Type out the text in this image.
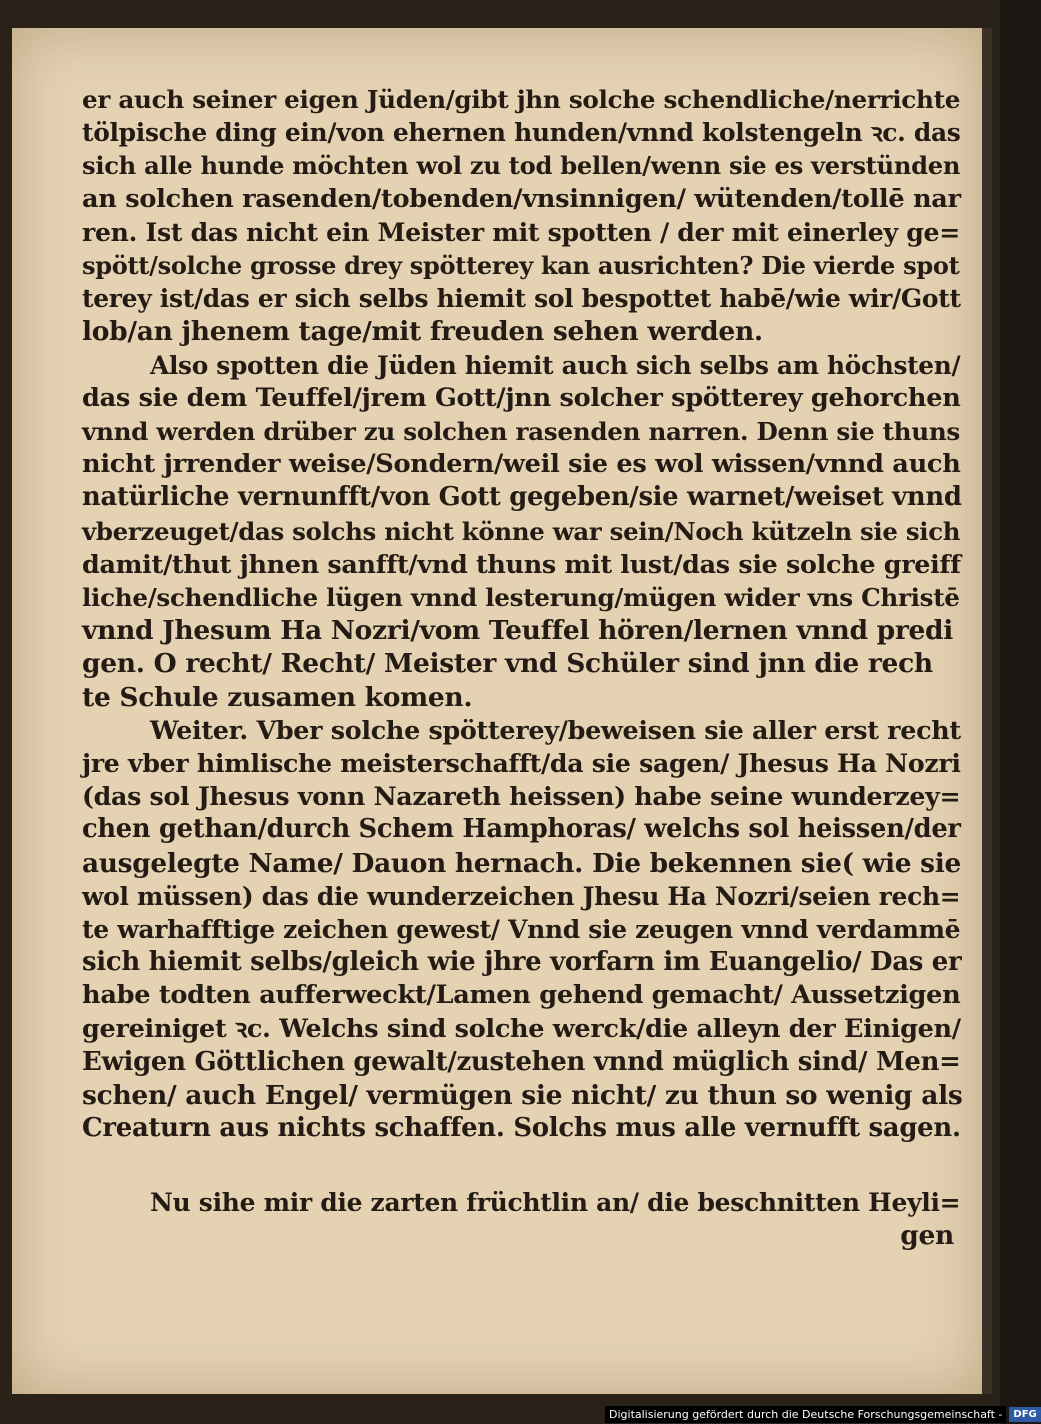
er auch seiner eigen Jüden/gibt jhn solche schendliche/nerrichte
tölpische ding ein/von ehernen hunden/vnnd kolstengeln ꝛc. das
sich alle hunde möchten wol zu tod bellen/wenn sie es verstünden
an solchen rasenden/tobenden/vnsinnigen/ wütenden/tollē nar
ren. Ist das nicht ein Meister mit spotten / der mit einerley ge=
spött/solche grosse drey spötterey kan ausrichten? Die vierde spot
terey ist/das er sich selbs hiemit sol bespottet habē/wie wir/Gott
lob/an jhenem tage/mit freuden sehen werden.
Also spotten die Jüden hiemit auch sich selbs am höchsten/
das sie dem Teuffel/jrem Gott/jnn solcher spötterey gehorchen
vnnd werden drüber zu solchen rasenden narren. Denn sie thuns
nicht jrrender weise/Sondern/weil sie es wol wissen/vnnd auch
natürliche vernunfft/von Gott gegeben/sie warnet/weiset vnnd
vberzeuget/das solchs nicht könne war sein/Noch kützeln sie sich
damit/thut jhnen sanfft/vnd thuns mit lust/das sie solche greiff
liche/schendliche lügen vnnd lesterung/mügen wider vns Christē
vnnd Jhesum Ha Nozri/vom Teuffel hören/lernen vnnd predi
gen. O recht/ Recht/ Meister vnd Schüler sind jnn die rech
te Schule zusamen komen.
Weiter. Vber solche spötterey/beweisen sie aller erst recht
jre vber himlische meisterschafft/da sie sagen/ Jhesus Ha Nozri
(das sol Jhesus vonn Nazareth heissen) habe seine wunderzey=
chen gethan/durch Schem Hamphoras/ welchs sol heissen/der
ausgelegte Name/ Dauon hernach. Die bekennen sie( wie sie
wol müssen) das die wunderzeichen Jhesu Ha Nozri/seien rech=
te warhafftige zeichen gewest/ Vnnd sie zeugen vnnd verdammē
sich hiemit selbs/gleich wie jhre vorfarn im Euangelio/ Das er
habe todten aufferweckt/Lamen gehend gemacht/ Aussetzigen
gereiniget ꝛc. Welchs sind solche werck/die alleyn der Einigen/
Ewigen Göttlichen gewalt/zustehen vnnd müglich sind/ Men=
schen/ auch Engel/ vermügen sie nicht/ zu thun so wenig als
Creaturn aus nichts schaffen. Solchs mus alle vernufft sagen.
Nu sihe mir die zarten früchtlin an/ die beschnitten Heyli=
gen
Digitalisierung gefördert durch die Deutsche Forschungsgemeinschaft -	DFG
